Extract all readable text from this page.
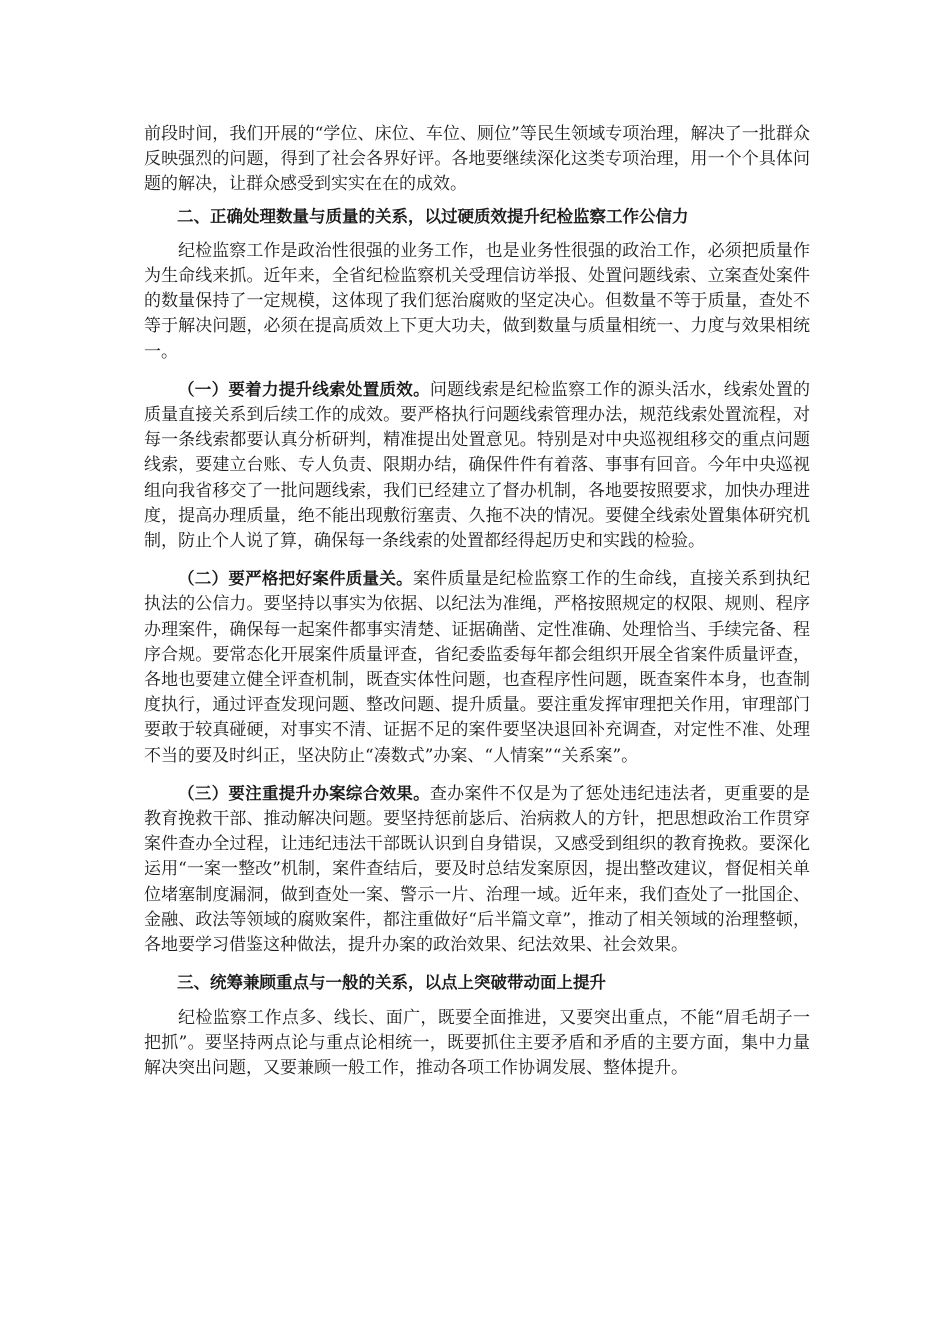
前段时间，我们开展的“学位、床位、车位、厕位”等民生领域专项治理，解决了一批群众反映强烈的问题，得到了社会各界好评。各地要继续深化这类专项治理，用一个个具体问题的解决，让群众感受到实实在在的成效。

二、正确处理数量与质量的关系，以过硬质效提升纪检监察工作公信力

纪检监察工作是政治性很强的业务工作，也是业务性很强的政治工作，必须把质量作为生命线来抓。近年来，全省纪检监察机关受理信访举报、处置问题线索、立案查处案件的数量保持了一定规模，这体现了我们惩治腐败的坚定决心。但数量不等于质量，查处不等于解决问题，必须在提高质效上下更大功夫，做到数量与质量相统一、力度与效果相统一。

（一）要着力提升线索处置质效。问题线索是纪检监察工作的源头活水，线索处置的质量直接关系到后续工作的成效。要严格执行问题线索管理办法，规范线索处置流程，对每一条线索都要认真分析研判，精准提出处置意见。特别是对中央巡视组移交的重点问题线索，要建立台账、专人负责、限期办结，确保件件有着落、事事有回音。今年中央巡视组向我省移交了一批问题线索，我们已经建立了督办机制，各地要按照要求，加快办理进度，提高办理质量，绝不能出现敷衍塞责、久拖不决的情况。要健全线索处置集体研究机制，防止个人说了算，确保每一条线索的处置都经得起历史和实践的检验。

（二）要严格把好案件质量关。案件质量是纪检监察工作的生命线，直接关系到执纪执法的公信力。要坚持以事实为依据、以纪法为准绳，严格按照规定的权限、规则、程序办理案件，确保每一起案件都事实清楚、证据确凿、定性准确、处理恰当、手续完备、程序合规。要常态化开展案件质量评查，省纪委监委每年都会组织开展全省案件质量评查，各地也要建立健全评查机制，既查实体性问题，也查程序性问题，既查案件本身，也查制度执行，通过评查发现问题、整改问题、提升质量。要注重发挥审理把关作用，审理部门要敢于较真碰硬，对事实不清、证据不足的案件要坚决退回补充调查，对定性不准、处理不当的要及时纠正，坚决防止“凑数式”办案、“人情案”“关系案”。

（三）要注重提升办案综合效果。查办案件不仅是为了惩处违纪违法者，更重要的是教育挽救干部、推动解决问题。要坚持惩前毖后、治病救人的方针，把思想政治工作贯穿案件查办全过程，让违纪违法干部既认识到自身错误，又感受到组织的教育挽救。要深化运用“一案一整改”机制，案件查结后，要及时总结发案原因，提出整改建议，督促相关单位堵塞制度漏洞，做到查处一案、警示一片、治理一域。近年来，我们查处了一批国企、金融、政法等领域的腐败案件，都注重做好“后半篇文章”，推动了相关领域的治理整顿，各地要学习借鉴这种做法，提升办案的政治效果、纪法效果、社会效果。

三、统筹兼顾重点与一般的关系，以点上突破带动面上提升

纪检监察工作点多、线长、面广，既要全面推进，又要突出重点，不能“眉毛胡子一把抓”。要坚持两点论与重点论相统一，既要抓住主要矛盾和矛盾的主要方面，集中力量解决突出问题，又要兼顾一般工作，推动各项工作协调发展、整体提升。
